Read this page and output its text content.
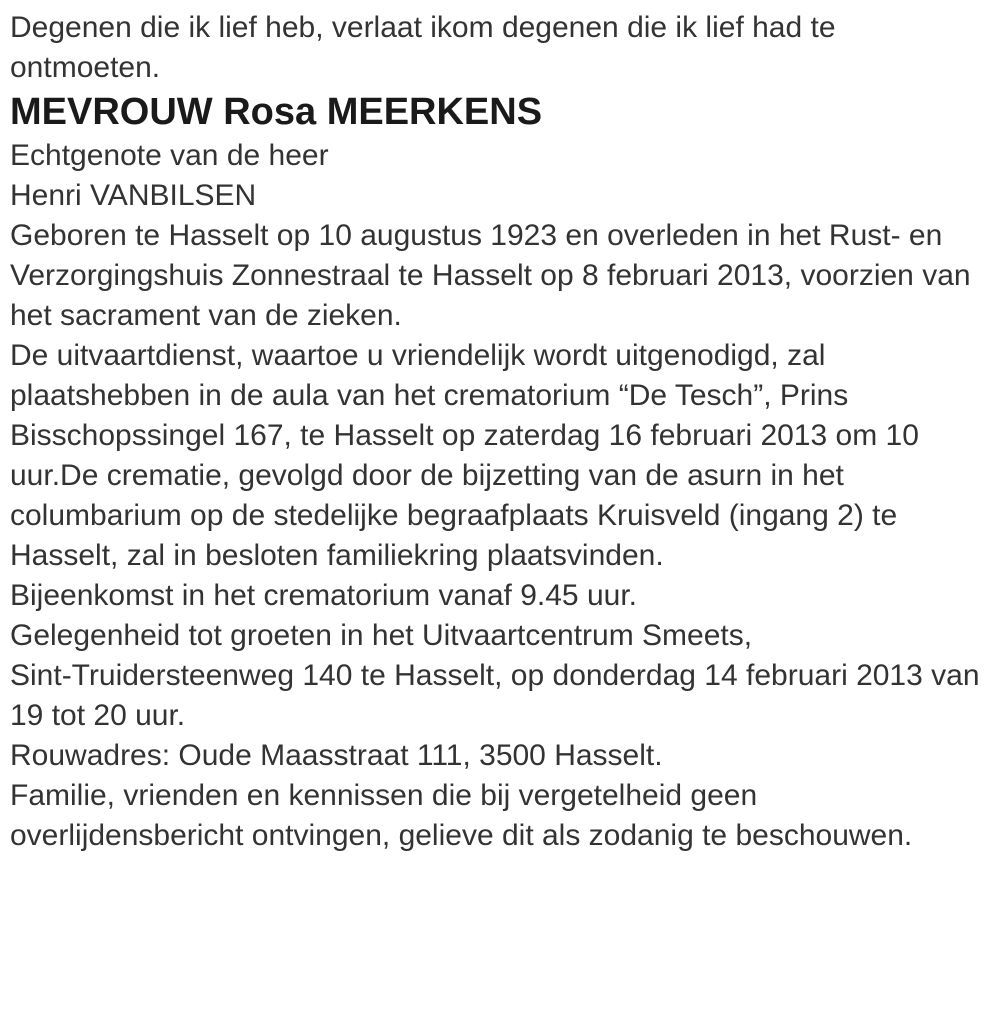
Degenen die ik lief heb, verlaat ikom degenen die ik lief had te
ontmoeten.

MEVROUW Rosa MEERKENS

Echtgenote van de heer
Henri VANBILSEN

Geboren te Hasselt op 10 augustus 1923 en overleden in het Rust- en
Verzorgingshuis Zonnestraal te Hasselt op 8 februari 2013, voorzien van
het sacrament van de zieken.
De uitvaartdienst, waartoe u vriendelijk wordt uitgenodigd, zal
plaatshebben in de aula van het crematorium “De Tesch”, Prins
Bisschopssingel 167, te Hasselt op zaterdag 16 februari 2013 om 10
uur.De crematie, gevolgd door de bijzetting van de asurn in het
columbarium op de stedelijke begraafplaats Kruisveld (ingang 2) te
Hasselt, zal in besloten familiekring plaatsvinden.
Bijeenkomst in het crematorium vanaf 9.45 uur.
Gelegenheid tot groeten in het Uitvaartcentrum Smeets,
Sint-Truidersteenweg 140 te Hasselt, op donderdag 14 februari 2013 van
19 tot 20 uur.

Rouwadres: Oude Maasstraat 111, 3500 Hasselt.

Familie, vrienden en kennissen die bij vergetelheid geen
overlijdensbericht ontvingen, gelieve dit als zodanig te beschouwen.
